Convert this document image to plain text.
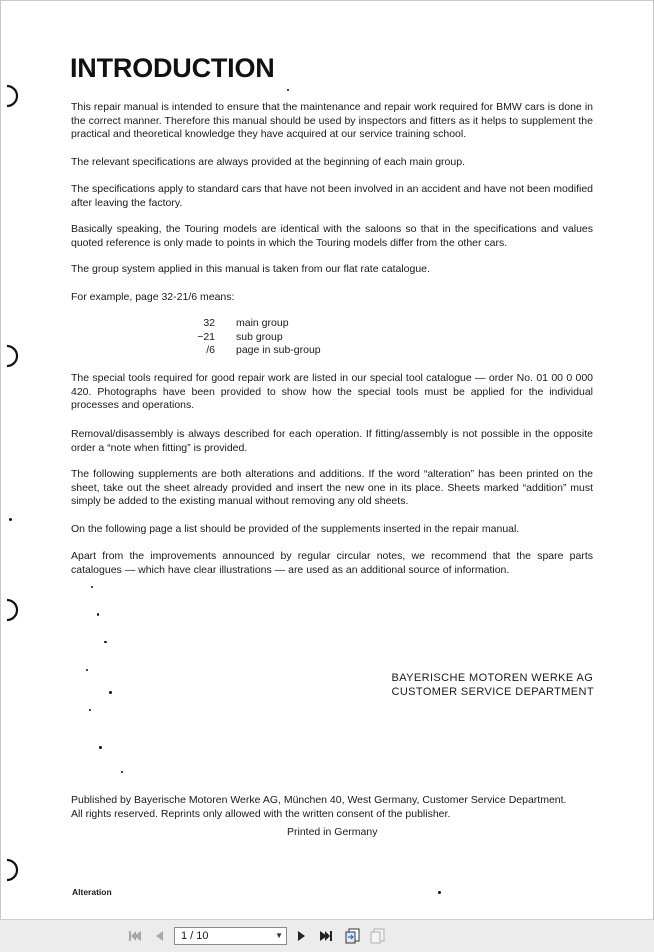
INTRODUCTION

This repair manual is intended to ensure that the maintenance and repair work required for BMW cars is done in the correct manner. Therefore this manual should be used by inspectors and fitters as it helps to supplement the practical and theoretical knowledge they have acquired at our service training school.

The relevant specifications are always provided at the beginning of each main group.

The specifications apply to standard cars that have not been involved in an accident and have not been modified after leaving the factory.

Basically speaking, the Touring models are identical with the saloons so that in the specifications and values quoted reference is only made to points in which the Touring models differ from the other cars.

The group system applied in this manual is taken from our flat rate catalogue.

For example, page 32-21/6 means:

32	main group
−21	sub group
/6	page in sub-group

The special tools required for good repair work are listed in our special tool catalogue — order No. 01 00 0 000 420. Photographs have been provided to show how the special tools must be applied for the individual processes and operations.

Removal/disassembly is always described for each operation. If fitting/assembly is not possible in the opposite order a “note when fitting” is provided.

The following supplements are both alterations and additions. If the word “alteration” has been printed on the sheet, take out the sheet already provided and insert the new one in its place. Sheets marked “addition” must simply be added to the existing manual without removing any old sheets.

On the following page a list should be provided of the supplements inserted in the repair manual.

Apart from the improvements announced by regular circular notes, we recommend that the spare parts catalogues — which have clear illustrations — are used as an additional source of information.

BAYERISCHE MOTOREN WERKE AG
CUSTOMER SERVICE DEPARTMENT
Published by Bayerische Motoren Werke AG, München 40, West Germany, Customer Service Department.
All rights reserved. Reprints only allowed with the written consent of the publisher.
Printed in Germany
Alteration
1 / 10	▼
